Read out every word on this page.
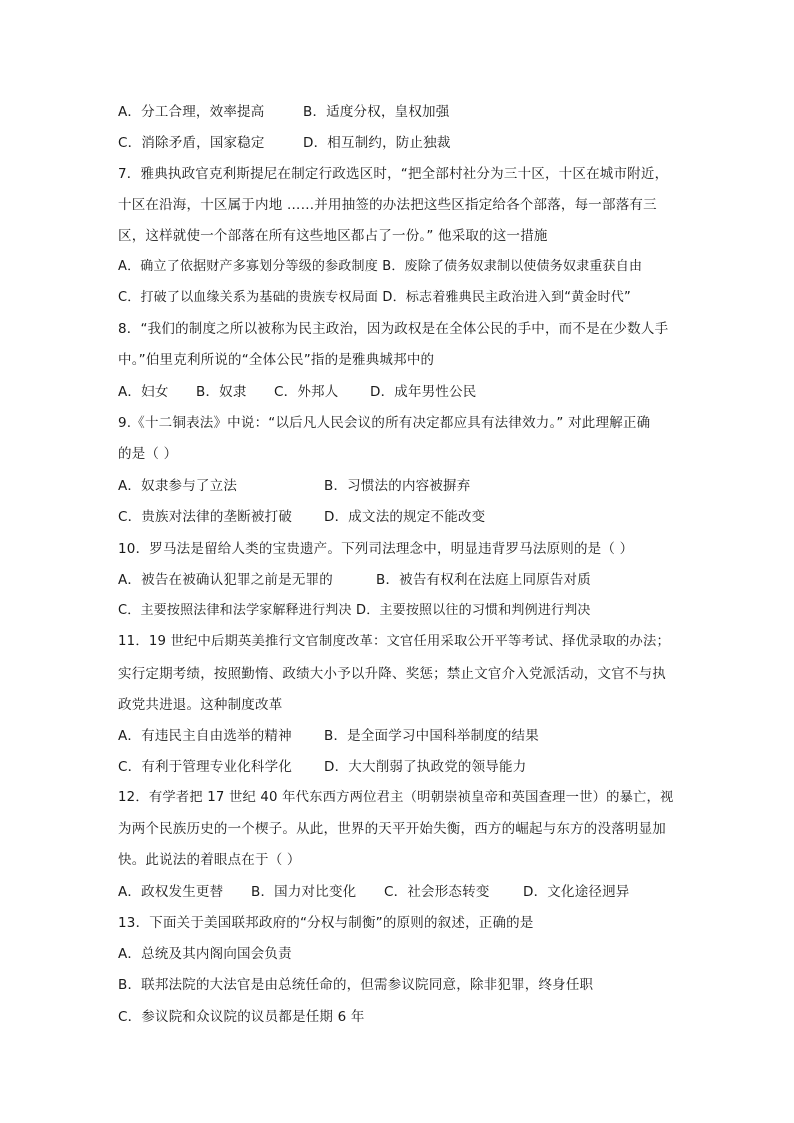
A．分工合理，效率提高	B．适度分权，皇权加强
C．消除矛盾，国家稳定	D．相互制约，防止独裁
7．雅典执政官克利斯提尼在制定行政选区时，“把全部村社分为三十区，十区在城市附近，
十区在沿海，十区属于内地 ……并用抽签的办法把这些区指定给各个部落，每一部落有三
区，这样就使一个部落在所有这些地区都占了一份。” 他采取的这一措施
A．确立了依据财产多寡划分等级的参政制度 B．废除了债务奴隶制以使债务奴隶重获自由
C．打破了以血缘关系为基础的贵族专权局面 D．标志着雅典民主政治进入到“黄金时代”
8．“我们的制度之所以被称为民主政治，因为政权是在全体公民的手中，而不是在少数人手
中。”伯里克利所说的“全体公民”指的是雅典城邦中的
A．妇女 B．奴隶 C．外邦人 D．成年男性公民
9.《十二铜表法》中说：“以后凡人民会议的所有决定都应具有法律效力。” 对此理解正确
的是（ ）
A．奴隶参与了立法	B．习惯法的内容被摒弃
C．贵族对法律的垄断被打破 D．成文法的规定不能改变
10．罗马法是留给人类的宝贵遗产。下列司法理念中，明显违背罗马法原则的是（ ）
A．被告在被确认犯罪之前是无罪的	B．被告有权利在法庭上同原告对质
C．主要按照法律和法学家解释进行判决 D．主要按照以往的习惯和判例进行判决
11．19 世纪中后期英美推行文官制度改革：文官任用采取公开平等考试、择优录取的办法；
实行定期考绩，按照勤惰、政绩大小予以升降、奖惩；禁止文官介入党派活动，文官不与执
政党共进退。这种制度改革
A．有违民主自由选举的精神 B．是全面学习中国科举制度的结果
C．有利于管理专业化科学化 D．大大削弱了执政党的领导能力
12．有学者把 17 世纪 40 年代东西方两位君主（明朝崇祯皇帝和英国查理一世）的暴亡，视
为两个民族历史的一个楔子。从此，世界的天平开始失衡，西方的崛起与东方的没落明显加
快。此说法的着眼点在于（ ）
A．政权发生更替 B．国力对比变化 C．社会形态转变 D．文化途径迥异
13．下面关于美国联邦政府的“分权与制衡”的原则的叙述，正确的是
A．总统及其内阁向国会负责
B．联邦法院的大法官是由总统任命的，但需参议院同意，除非犯罪，终身任职
C．参议院和众议院的议员都是任期 6 年
